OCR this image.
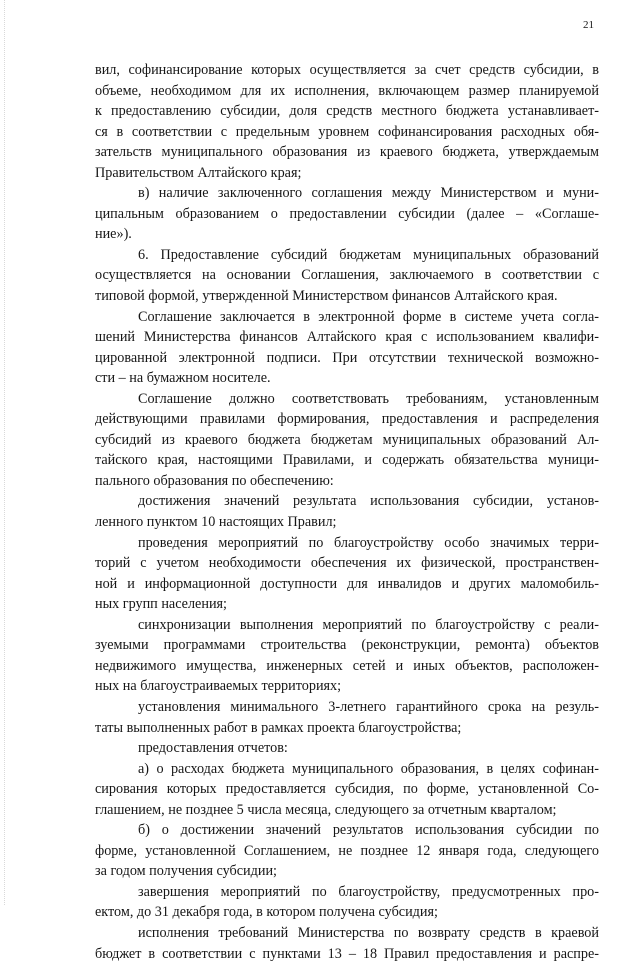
21
вил, софинансирование которых осуществляется за счет средств субсидии, в
объеме, необходимом для их исполнения, включающем размер планируемой
к предоставлению субсидии, доля средств местного бюджета устанавливает-
ся в соответствии с предельным уровнем софинансирования расходных обя-
зательств муниципального образования из краевого бюджета, утверждаемым
Правительством Алтайского края;
в) наличие заключенного соглашения между Министерством и муни-
ципальным образованием о предоставлении субсидии (далее – «Соглаше-
ние»).
6. Предоставление субсидий бюджетам муниципальных образований
осуществляется на основании Соглашения, заключаемого в соответствии с
типовой формой, утвержденной Министерством финансов Алтайского края.
Соглашение заключается в электронной форме в системе учета согла-
шений Министерства финансов Алтайского края с использованием квалифи-
цированной электронной подписи. При отсутствии технической возможно-
сти – на бумажном носителе.
Соглашение должно соответствовать требованиям, установленным
действующими правилами формирования, предоставления и распределения
субсидий из краевого бюджета бюджетам муниципальных образований Ал-
тайского края, настоящими Правилами, и содержать обязательства муници-
пального образования по обеспечению:
достижения значений результата использования субсидии, установ-
ленного пунктом 10 настоящих Правил;
проведения мероприятий по благоустройству особо значимых терри-
торий с учетом необходимости обеспечения их физической, пространствен-
ной и информационной доступности для инвалидов и других маломобиль-
ных групп населения;
синхронизации выполнения мероприятий по благоустройству с реали-
зуемыми программами строительства (реконструкции, ремонта) объектов
недвижимого имущества, инженерных сетей и иных объектов, расположен-
ных на благоустраиваемых территориях;
установления минимального 3-летнего гарантийного срока на резуль-
таты выполненных работ в рамках проекта благоустройства;
предоставления отчетов:
а) о расходах бюджета муниципального образования, в целях софинан-
сирования которых предоставляется субсидия, по форме, установленной Со-
глашением, не позднее 5 числа месяца, следующего за отчетным кварталом;
б) о достижении значений результатов использования субсидии по
форме, установленной Соглашением, не позднее 12 января года, следующего
за годом получения субсидии;
завершения мероприятий по благоустройству, предусмотренных про-
ектом, до 31 декабря года, в котором получена субсидия;
исполнения требований Министерства по возврату средств в краевой
бюджет в соответствии с пунктами 13 – 18 Правил предоставления и распре-
